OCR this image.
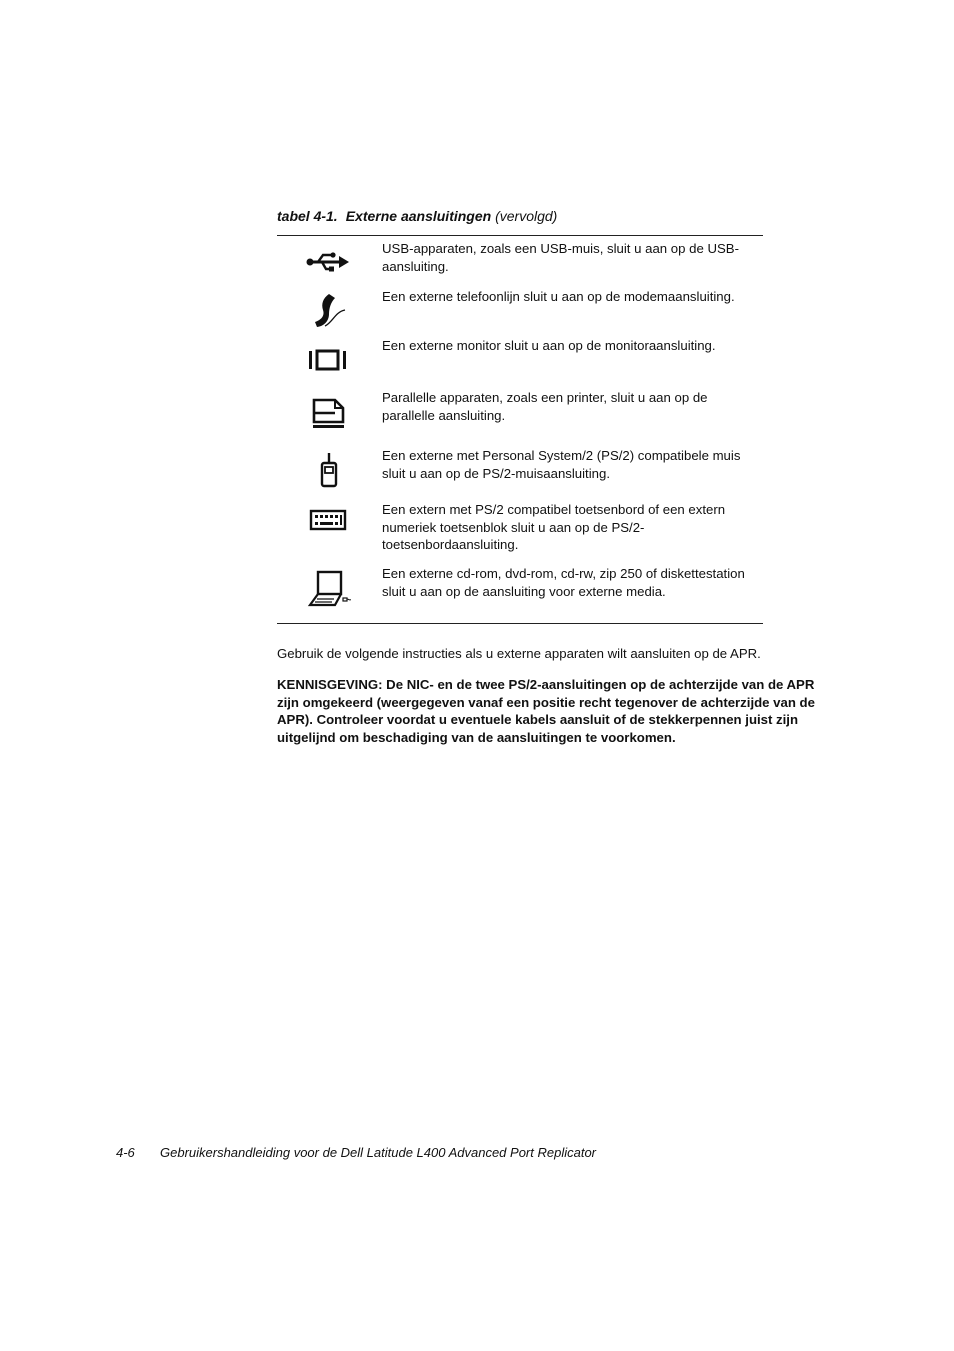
tabel 4-1. Externe aansluitingen (vervolgd)
USB-apparaten, zoals een USB-muis, sluit u aan op de USB-aansluiting.
Een externe telefoonlijn sluit u aan op de modemaansluiting.
Een externe monitor sluit u aan op de monitoraansluiting.
Parallelle apparaten, zoals een printer, sluit u aan op de parallelle aansluiting.
Een externe met Personal System/2 (PS/2) compatibele muis sluit u aan op de PS/2-muisaansluiting.
Een extern met PS/2 compatibel toetsenbord of een extern numeriek toetsenblok sluit u aan op de PS/2-toetsenbordaansluiting.
Een externe cd-rom, dvd-rom, cd-rw, zip 250 of diskettestation sluit u aan op de aansluiting voor externe media.
Gebruik de volgende instructies als u externe apparaten wilt aansluiten op de APR.
KENNISGEVING: De NIC- en de twee PS/2-aansluitingen op de achterzijde van de APR zijn omgekeerd (weergegeven vanaf een positie recht tegenover de achterzijde van de APR). Controleer voordat u eventuele kabels aansluit of de stekkerpennen juist zijn uitgelijnd om beschadiging van de aansluitingen te voorkomen.
4-6 Gebruikershandleiding voor de Dell Latitude L400 Advanced Port Replicator
